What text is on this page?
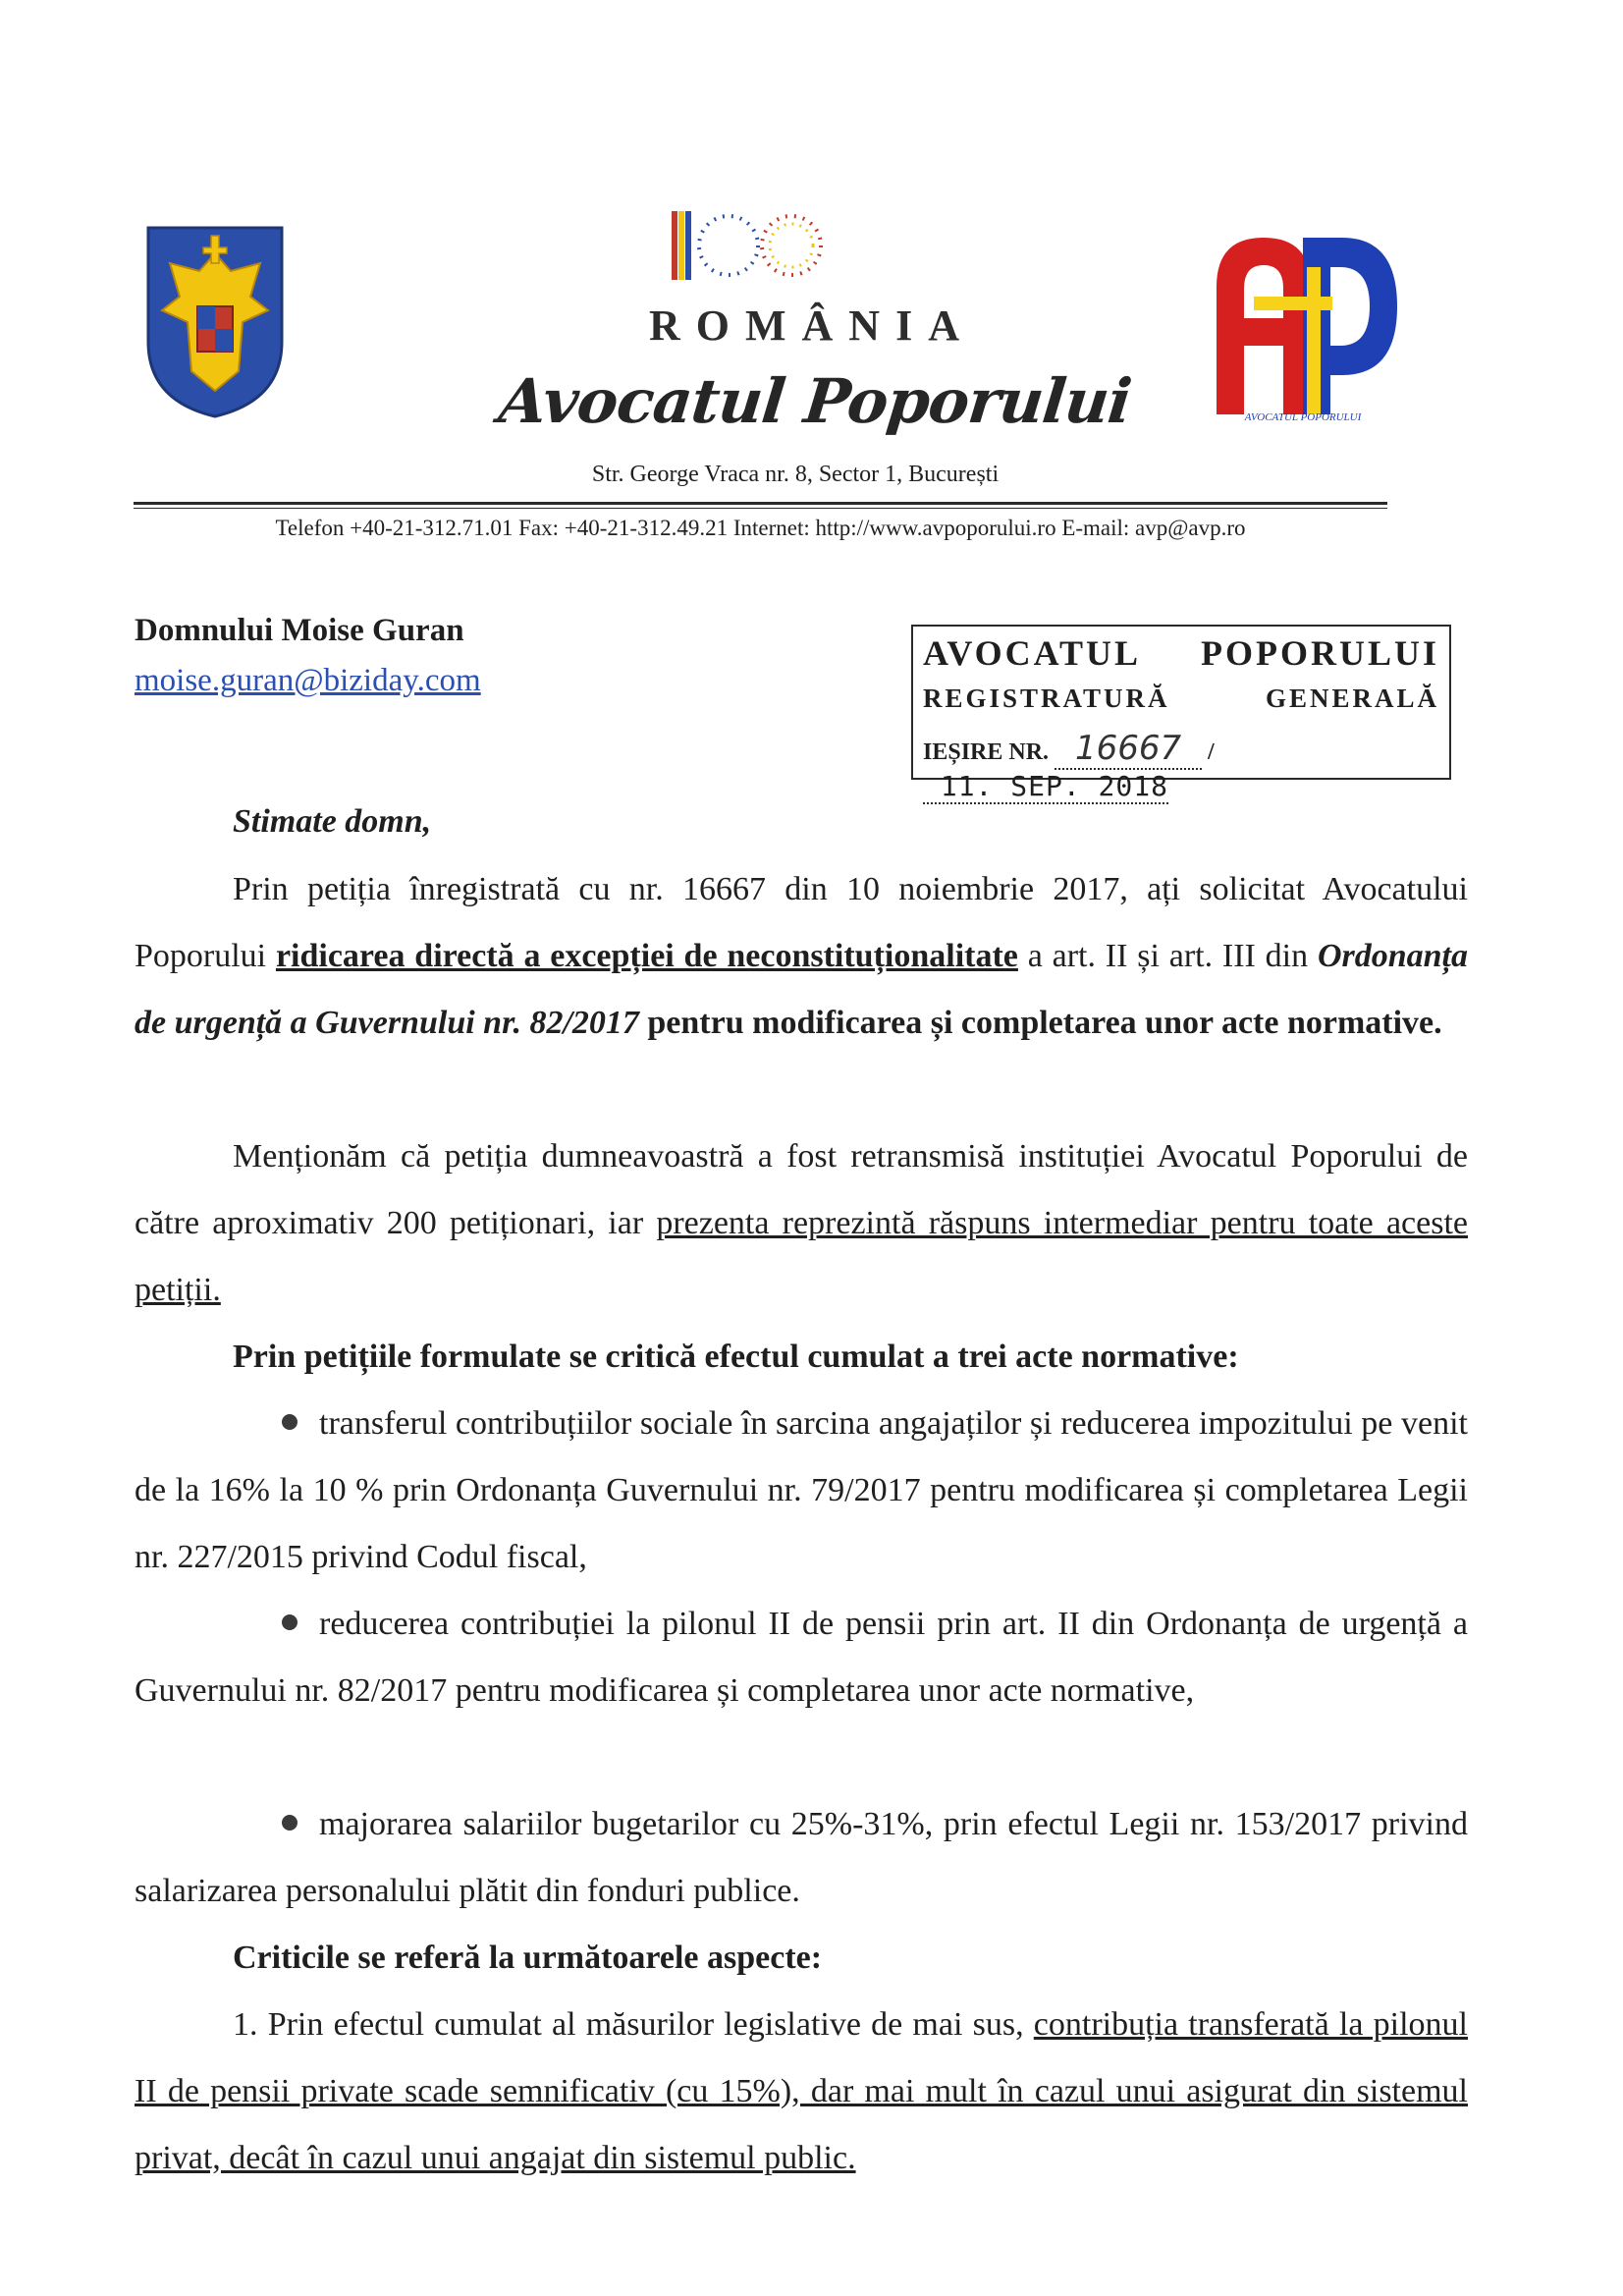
ROMÂNIA
Avocatul Poporului
Str. George Vraca nr. 8, Sector 1, București
AVOCATUL POPORULUI
Telefon +40-21-312.71.01 Fax: +40-21-312.49.21 Internet: http://www.avpoporului.ro E-mail: avp@avp.ro
Domnului Moise Guran
moise.guran@biziday.com
AVOCATUL POPORULUI
REGISTRATURĂ	GENERALĂ
IEȘIRE NR. 16667 / 11. SEP. 2018
Stimate domn,
Prin petiția înregistrată cu nr. 16667 din 10 noiembrie 2017, ați solicitat Avocatului Poporului ridicarea directă a excepției de neconstituționalitate a art. II și art. III din Ordonanța de urgență a Guvernului nr. 82/2017 pentru modificarea și completarea unor acte normative.
Menționăm că petiția dumneavoastră a fost retransmisă instituției Avocatul Poporului de către aproximativ 200 petiționari, iar prezenta reprezintă răspuns intermediar pentru toate aceste petiții.
Prin petițiile formulate se critică efectul cumulat a trei acte normative:
transferul contribuțiilor sociale în sarcina angajaților și reducerea impozitului pe venit de la 16% la 10 % prin Ordonanța Guvernului nr. 79/2017 pentru modificarea și completarea Legii nr. 227/2015 privind Codul fiscal,
reducerea contribuției la pilonul II de pensii prin art. II din Ordonanța de urgență a Guvernului nr. 82/2017 pentru modificarea și completarea unor acte normative,
majorarea salariilor bugetarilor cu 25%-31%, prin efectul Legii nr. 153/2017 privind salarizarea personalului plătit din fonduri publice.
Criticile se referă la următoarele aspecte:
1. Prin efectul cumulat al măsurilor legislative de mai sus, contribuția transferată la pilonul II de pensii private scade semnificativ (cu 15%), dar mai mult în cazul unui asigurat din sistemul privat, decât în cazul unui angajat din sistemul public.
